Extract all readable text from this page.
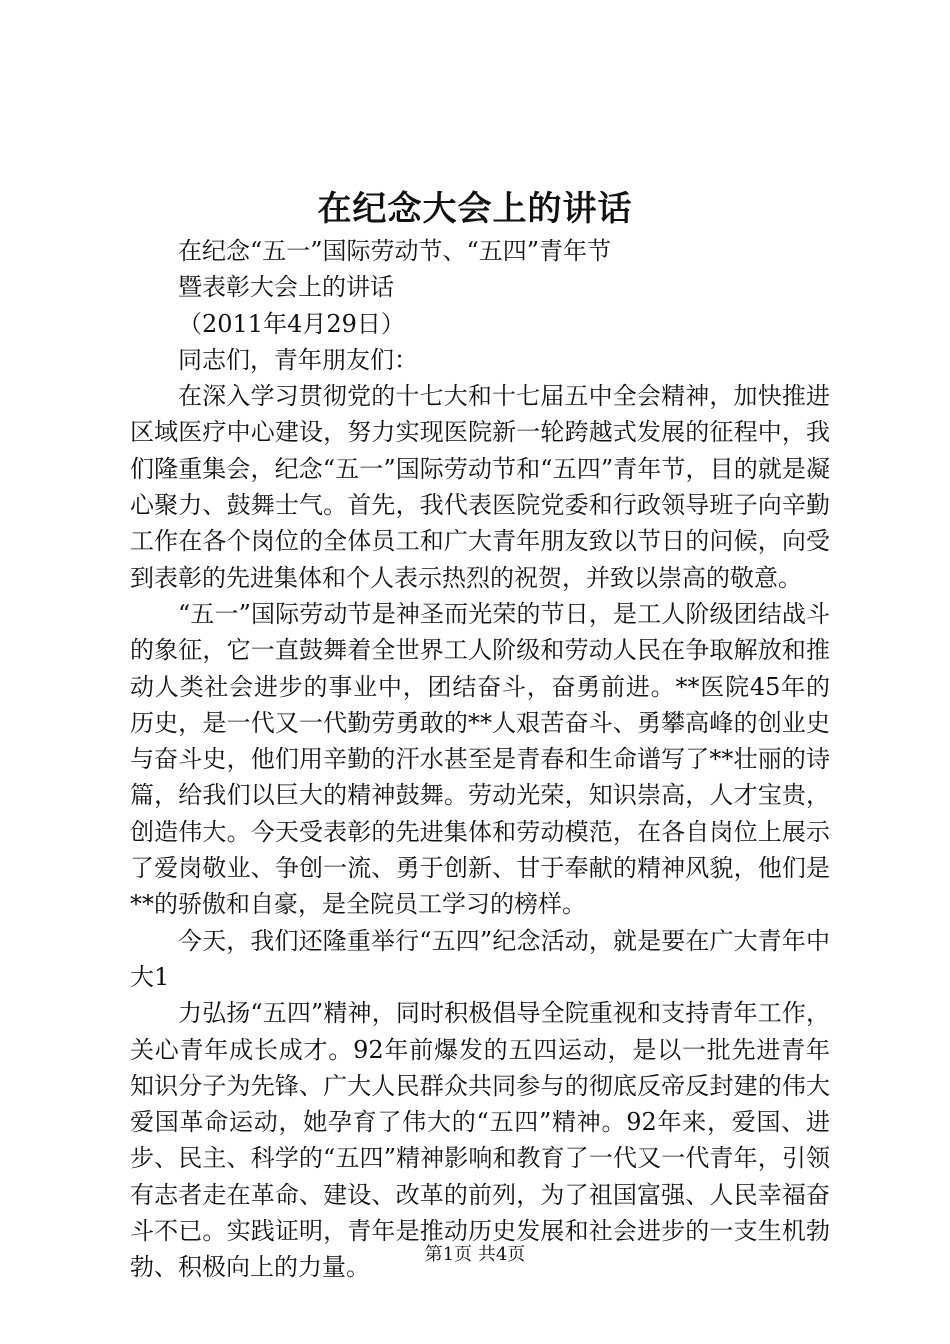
在纪念大会上的讲话
在纪念“五一”国际劳动节、“五四”青年节
暨表彰大会上的讲话
（2011年4月29日）
同志们，青年朋友们：

在深入学习贯彻党的十七大和十七届五中全会精神，加快推进区域医疗中心建设，努力实现医院新一轮跨越式发展的征程中，我们隆重集会，纪念“五一”国际劳动节和“五四”青年节，目的就是凝心聚力、鼓舞士气。首先，我代表医院党委和行政领导班子向辛勤工作在各个岗位的全体员工和广大青年朋友致以节日的问候，向受到表彰的先进集体和个人表示热烈的祝贺，并致以崇高的敬意。

“五一”国际劳动节是神圣而光荣的节日，是工人阶级团结战斗的象征，它一直鼓舞着全世界工人阶级和劳动人民在争取解放和推动人类社会进步的事业中，团结奋斗，奋勇前进。**医院45年的历史，是一代又一代勤劳勇敢的**人艰苦奋斗、勇攀高峰的创业史与奋斗史，他们用辛勤的汗水甚至是青春和生命谱写了**壮丽的诗篇，给我们以巨大的精神鼓舞。劳动光荣，知识崇高，人才宝贵，创造伟大。今天受表彰的先进集体和劳动模范，在各自岗位上展示了爱岗敬业、争创一流、勇于创新、甘于奉献的精神风貌，他们是**的骄傲和自豪，是全院员工学习的榜样。

今天，我们还隆重举行“五四”纪念活动，就是要在广大青年中大1

力弘扬“五四”精神，同时积极倡导全院重视和支持青年工作，关心青年成长成才。92年前爆发的五四运动，是以一批先进青年知识分子为先锋、广大人民群众共同参与的彻底反帝反封建的伟大爱国革命运动，她孕育了伟大的“五四”精神。92年来，爱国、进步、民主、科学的“五四”精神影响和教育了一代又一代青年，引领有志者走在革命、建设、改革的前列，为了祖国富强、人民幸福奋斗不已。实践证明，青年是推动历史发展和社会进步的一支生机勃勃、积极向上的力量。	第1页 共4页
